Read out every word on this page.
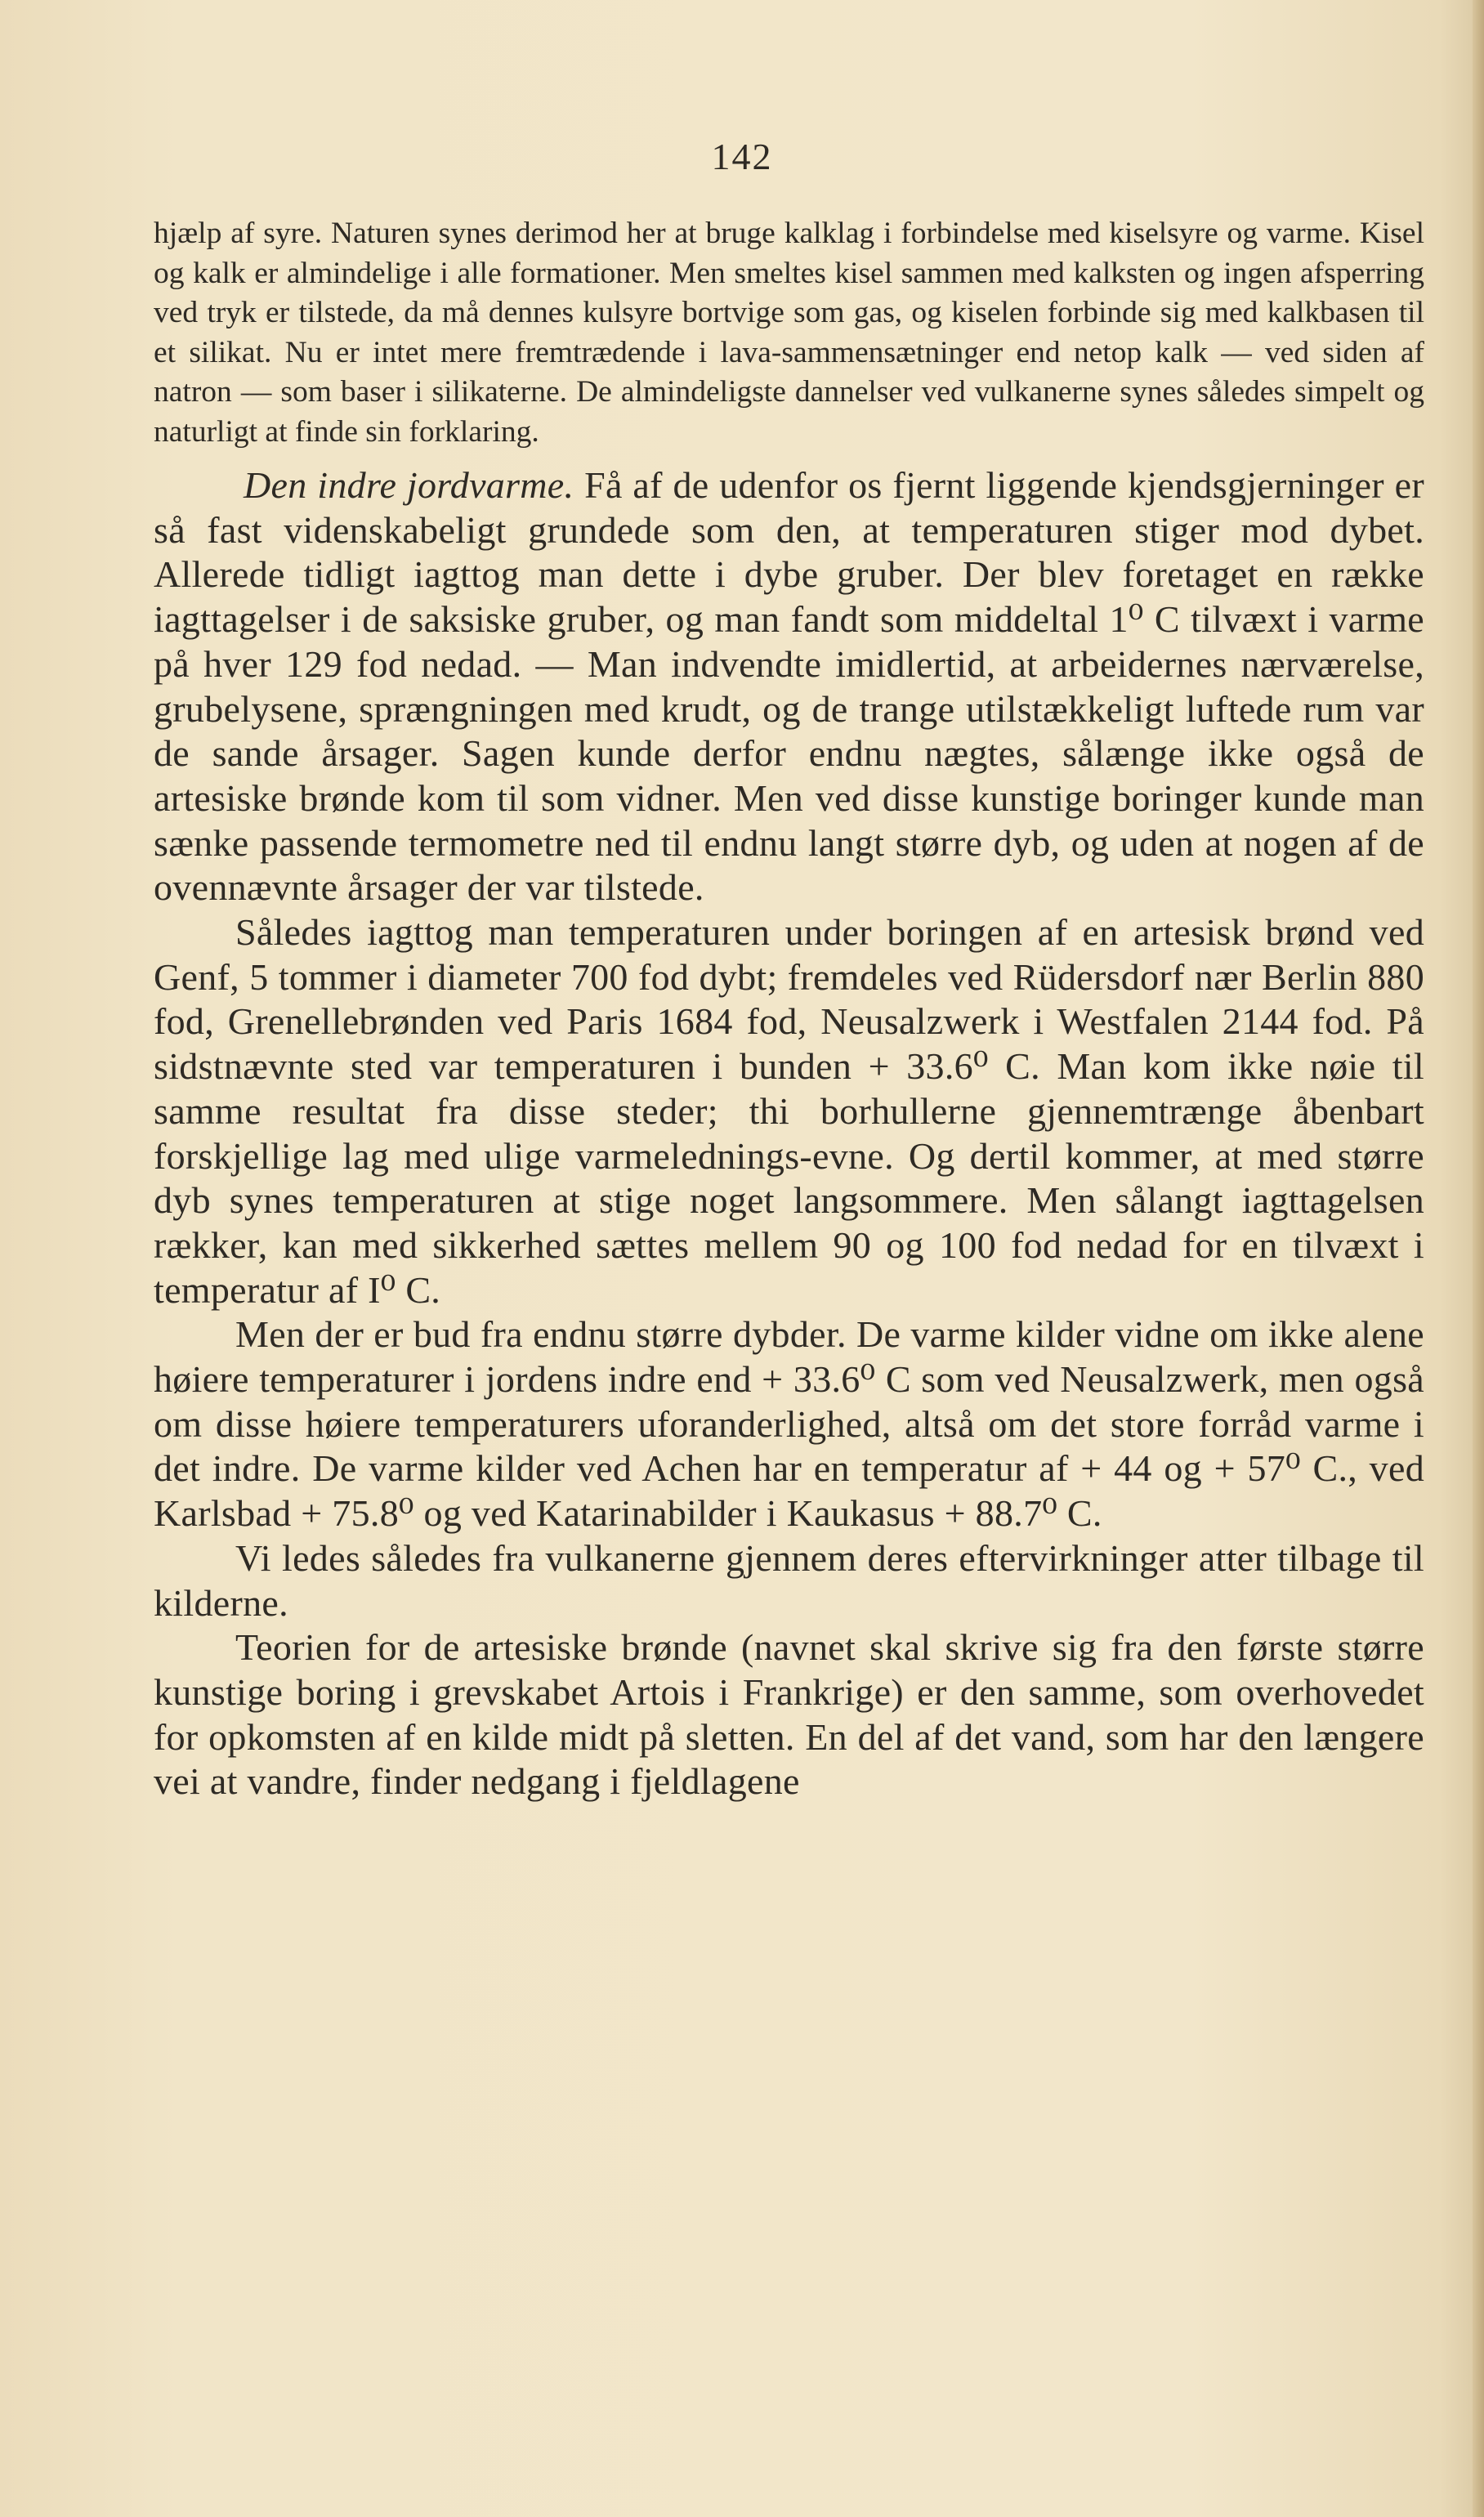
142

hjælp af syre. Naturen synes derimod her at bruge kalklag i forbindelse med kiselsyre og varme. Kisel og kalk er almindelige i alle formationer. Men smeltes kisel sammen med kalksten og ingen afsperring ved tryk er tilstede, da må dennes kulsyre bortvige som gas, og kiselen forbinde sig med kalkbasen til et silikat. Nu er intet mere fremtrædende i lava-sammensætninger end netop kalk — ved siden af natron — som baser i silikaterne. De almindeligste dannelser ved vulkanerne synes således simpelt og naturligt at finde sin forklaring.

Den indre jordvarme. Få af de udenfor os fjernt liggende kjendsgjerninger er så fast videnskabeligt grundede som den, at temperaturen stiger mod dybet. Allerede tidligt iagttog man dette i dybe gruber. Der blev foretaget en række iagttagelser i de saksiske gruber, og man fandt som middeltal 1⁰ C tilvæxt i varme på hver 129 fod nedad. — Man indvendte imidlertid, at arbeidernes nærværelse, grubelysene, sprængningen med krudt, og de trange utilstækkeligt luftede rum var de sande årsager. Sagen kunde derfor endnu nægtes, sålænge ikke også de artesiske brønde kom til som vidner. Men ved disse kunstige boringer kunde man sænke passende termometre ned til endnu langt større dyb, og uden at nogen af de ovennævnte årsager der var tilstede.

Således iagttog man temperaturen under boringen af en artesisk brønd ved Genf, 5 tommer i diameter 700 fod dybt; fremdeles ved Rüdersdorf nær Berlin 880 fod, Grenellebrønden ved Paris 1684 fod, Neusalzwerk i Westfalen 2144 fod. På sidstnævnte sted var temperaturen i bunden + 33.6⁰ C. Man kom ikke nøie til samme resultat fra disse steder; thi borhullerne gjennemtrænge åbenbart forskjellige lag med ulige varmelednings-evne. Og dertil kommer, at med større dyb synes temperaturen at stige noget langsommere. Men sålangt iagttagelsen rækker, kan med sikkerhed sættes mellem 90 og 100 fod nedad for en tilvæxt i temperatur af I⁰ C.

Men der er bud fra endnu større dybder. De varme kilder vidne om ikke alene høiere temperaturer i jordens indre end + 33.6⁰ C som ved Neusalzwerk, men også om disse høiere temperaturers uforanderlighed, altså om det store forråd varme i det indre. De varme kilder ved Achen har en temperatur af + 44 og + 57⁰ C., ved Karlsbad + 75.8⁰ og ved Katarinabilder i Kaukasus + 88.7⁰ C.

Vi ledes således fra vulkanerne gjennem deres eftervirkninger atter tilbage til kilderne.

Teorien for de artesiske brønde (navnet skal skrive sig fra den første større kunstige boring i grevskabet Artois i Frankrige) er den samme, som overhovedet for opkomsten af en kilde midt på sletten. En del af det vand, som har den længere vei at vandre, finder nedgang i fjeldlagene
